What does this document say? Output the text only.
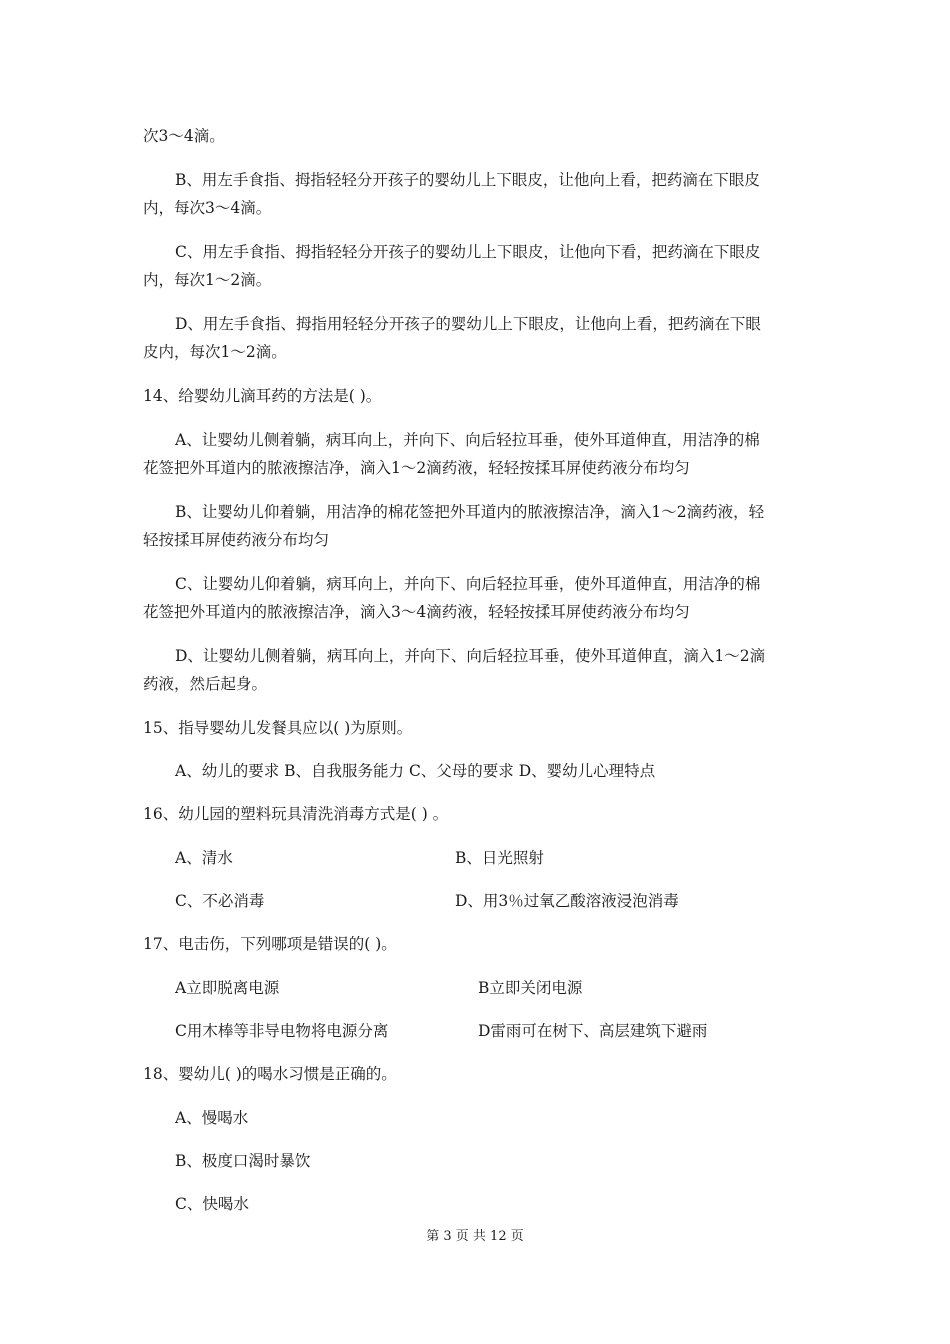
次3～4滴。
B、用左手食指、拇指轻轻分开孩子的婴幼儿上下眼皮，让他向上看，把药滴在下眼皮
内，每次3～4滴。
C、用左手食指、拇指轻轻分开孩子的婴幼儿上下眼皮，让他向下看，把药滴在下眼皮
内，每次1～2滴。
D、用左手食指、拇指用轻轻分开孩子的婴幼儿上下眼皮，让他向上看，把药滴在下眼
皮内，每次1～2滴。
14、给婴幼儿滴耳药的方法是( )。
A、让婴幼儿侧着躺，病耳向上，并向下、向后轻拉耳垂，使外耳道伸直，用洁净的棉
花签把外耳道内的脓液擦洁净，滴入1～2滴药液，轻轻按揉耳屏使药液分布均匀
B、让婴幼儿仰着躺，用洁净的棉花签把外耳道内的脓液擦洁净，滴入1～2滴药液，轻
轻按揉耳屏使药液分布均匀
C、让婴幼儿仰着躺，病耳向上，并向下、向后轻拉耳垂，使外耳道伸直，用洁净的棉
花签把外耳道内的脓液擦洁净，滴入3～4滴药液，轻轻按揉耳屏使药液分布均匀
D、让婴幼儿侧着躺，病耳向上，并向下、向后轻拉耳垂，使外耳道伸直，滴入1～2滴
药液，然后起身。
15、指导婴幼儿发餐具应以( )为原则。
A、幼儿的要求 B、自我服务能力 C、父母的要求 D、婴幼儿心理特点
16、幼儿园的塑料玩具清洗消毒方式是( ) 。
A、清水	B、日光照射
C、不必消毒	D、用3％过氧乙酸溶液浸泡消毒
17、电击伤，下列哪项是错误的( )。
A立即脱离电源	B立即关闭电源
C用木棒等非导电物将电源分离	D雷雨可在树下、高层建筑下避雨
18、婴幼儿( )的喝水习惯是正确的。
A、慢喝水
B、极度口渴时暴饮
C、快喝水
第 3 页 共 12 页
